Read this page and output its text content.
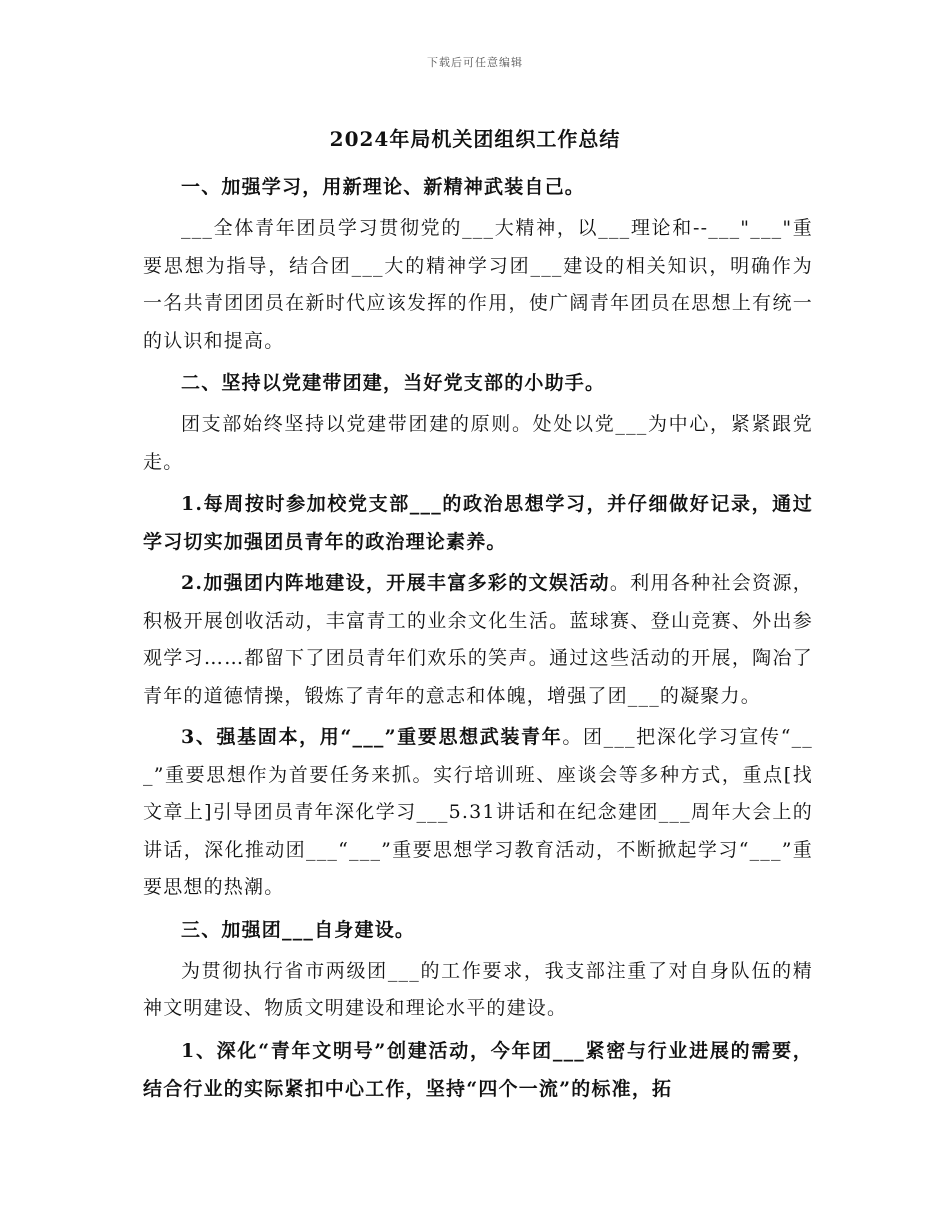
下载后可任意编辑
2024年局机关团组织工作总结

一、加强学习，用新理论、新精神武装自己。

___全体青年团员学习贯彻党的___大精神，以___理论和--___"___"重要思想为指导，结合团___大的精神学习团___建设的相关知识，明确作为一名共青团团员在新时代应该发挥的作用，使广阔青年团员在思想上有统一的认识和提高。

二、坚持以党建带团建，当好党支部的小助手。

团支部始终坚持以党建带团建的原则。处处以党___为中心，紧紧跟党走。

1.每周按时参加校党支部___的政治思想学习，并仔细做好记录，通过学习切实加强团员青年的政治理论素养。

2.加强团内阵地建设，开展丰富多彩的文娱活动。利用各种社会资源，积极开展创收活动，丰富青工的业余文化生活。蓝球赛、登山竞赛、外出参观学习……都留下了团员青年们欢乐的笑声。通过这些活动的开展，陶冶了青年的道德情操，锻炼了青年的意志和体魄，增强了团___的凝聚力。

3、强基固本，用“___”重要思想武装青年。团___把深化学习宣传“___”重要思想作为首要任务来抓。实行培训班、座谈会等多种方式，重点[找文章上]引导团员青年深化学习___5.31讲话和在纪念建团___周年大会上的讲话，深化推动团___“___”重要思想学习教育活动，不断掀起学习“___”重要思想的热潮。

三、加强团___自身建设。

为贯彻执行省市两级团___的工作要求，我支部注重了对自身队伍的精神文明建设、物质文明建设和理论水平的建设。

1、深化“青年文明号”创建活动，今年团___紧密与行业进展的需要，结合行业的实际紧扣中心工作，坚持“四个一流”的标准，拓
